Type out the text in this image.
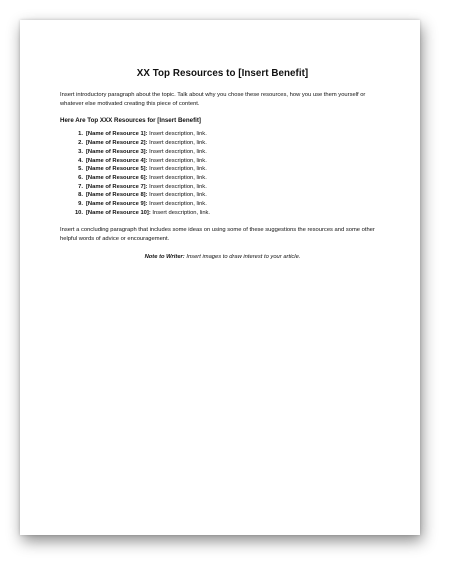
XX Top Resources to [Insert Benefit]

Insert introductory paragraph about the topic. Talk about why you chose these resources, how you use them yourself or whatever else motivated creating this piece of content.

Here Are Top XXX Resources for [Insert Benefit]
1. [Name of Resource 1]: Insert description, link.
2. [Name of Resource 2]: Insert description, link.
3. [Name of Resource 3]: Insert description, link.
4. [Name of Resource 4]: Insert description, link.
5. [Name of Resource 5]: Insert description, link.
6. [Name of Resource 6]: Insert description, link.
7. [Name of Resource 7]: Insert description, link.
8. [Name of Resource 8]: Insert description, link.
9. [Name of Resource 9]: Insert description, link.
10. [Name of Resource 10]: Insert description, link.

Insert a concluding paragraph that includes some ideas on using some of these suggestions the resources and some other helpful words of advice or encouragement.

Note to Writer: Insert images to draw interest to your article.
